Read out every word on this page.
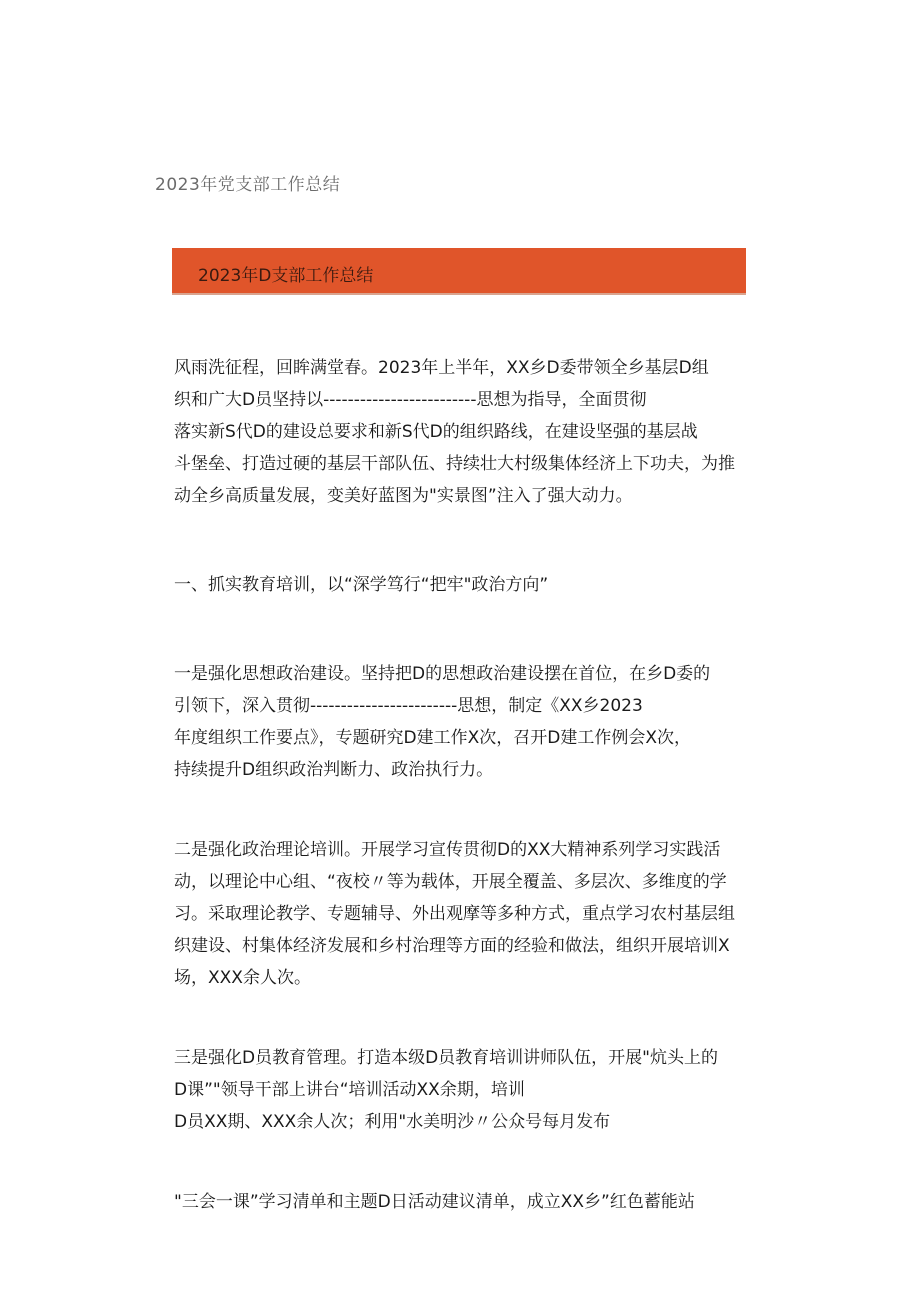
2023年党支部工作总结
2023年D支部工作总结

风雨洗征程，回眸满堂春。2023年上半年，XX乡D委带领全乡基层D组
织和广大D员坚持以-------------------------思想为指导，全面贯彻
落实新S代D的建设总要求和新S代D的组织路线，在建设坚强的基层战
斗堡垒、打造过硬的基层干部队伍、持续壮大村级集体经济上下功夫，为推
动全乡高质量发展，变美好蓝图为"实景图”注入了强大动力。

一、抓实教育培训，以“深学笃行“把牢"政治方向”

一是强化思想政治建设。坚持把D的思想政治建设摆在首位，在乡D委的
引领下，深入贯彻------------------------思想，制定《XX乡2023
年度组织工作要点》，专题研究D建工作X次，召开D建工作例会X次，
持续提升D组织政治判断力、政治执行力。

二是强化政治理论培训。开展学习宣传贯彻D的XX大精神系列学习实践活
动，以理论中心组、“夜校〃等为载体，开展全覆盖、多层次、多维度的学
习。采取理论教学、专题辅导、外出观摩等多种方式，重点学习农村基层组
织建设、村集体经济发展和乡村治理等方面的经验和做法，组织开展培训X
场，XXX余人次。

三是强化D员教育管理。打造本级D员教育培训讲师队伍，开展"炕头上的
D课”"领导干部上讲台“培训活动XX余期，培训
D员XX期、XXX余人次；利用"水美明沙〃公众号每月发布

"三会一课”学习清单和主题D日活动建议清单，成立XX乡”红色蓄能站
